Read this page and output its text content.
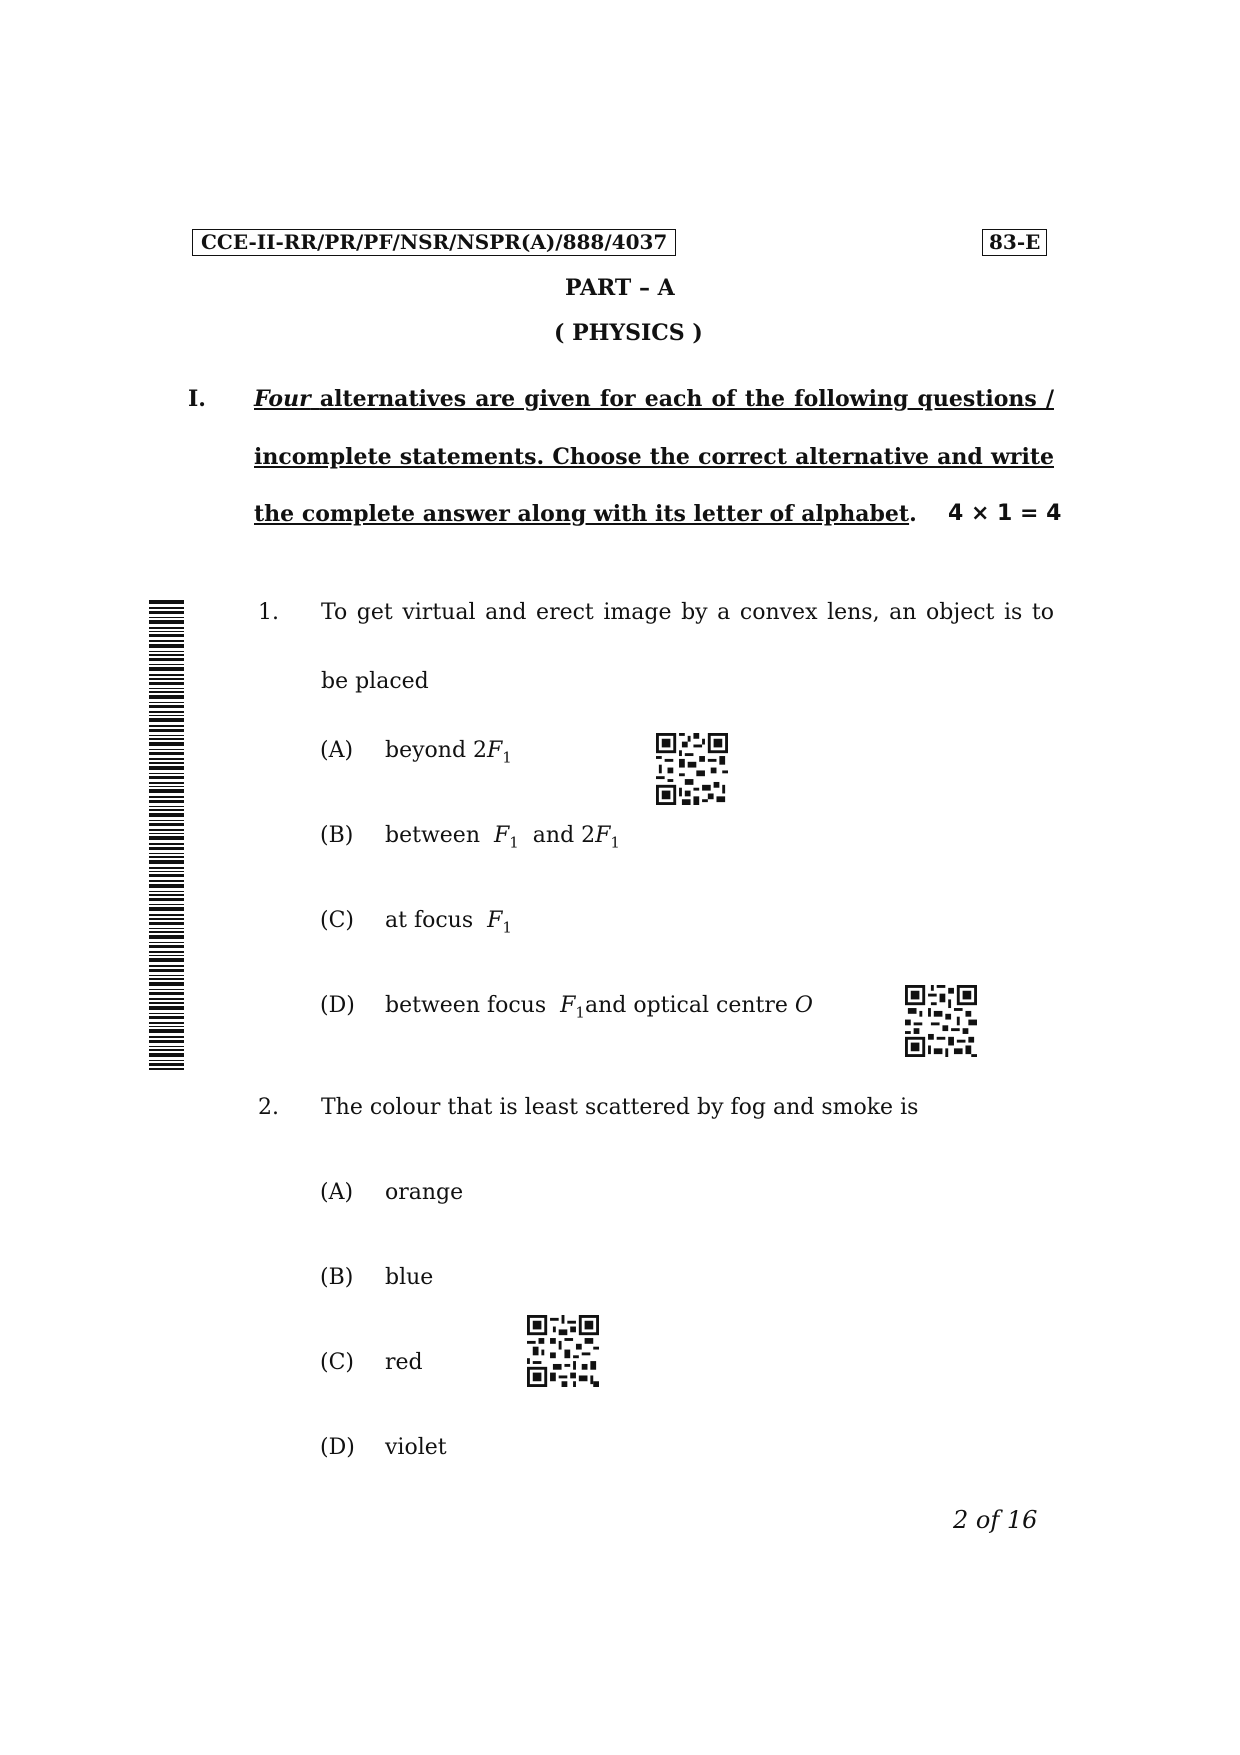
CCE-II-RR/PR/PF/NSR/NSPR(A)/888/4037	83-E
PART – A
( PHYSICS )
I. Four alternatives are given for each of the following questions /
incomplete statements. Choose the correct alternative and write
the complete answer along with its letter of alphabet. 4 × 1 = 4
1. To get virtual and erect image by a convex lens, an object is to
be placed
(A) beyond $2F_1$
(B) between $F_1$ and $2F_1$
(C) at focus $F_1$
(D) between focus $F_1and$ optical centre O
2. The colour that is least scattered by fog and smoke is
(A) orange
(B) blue
(C) red
(D) violet
2 of 16
